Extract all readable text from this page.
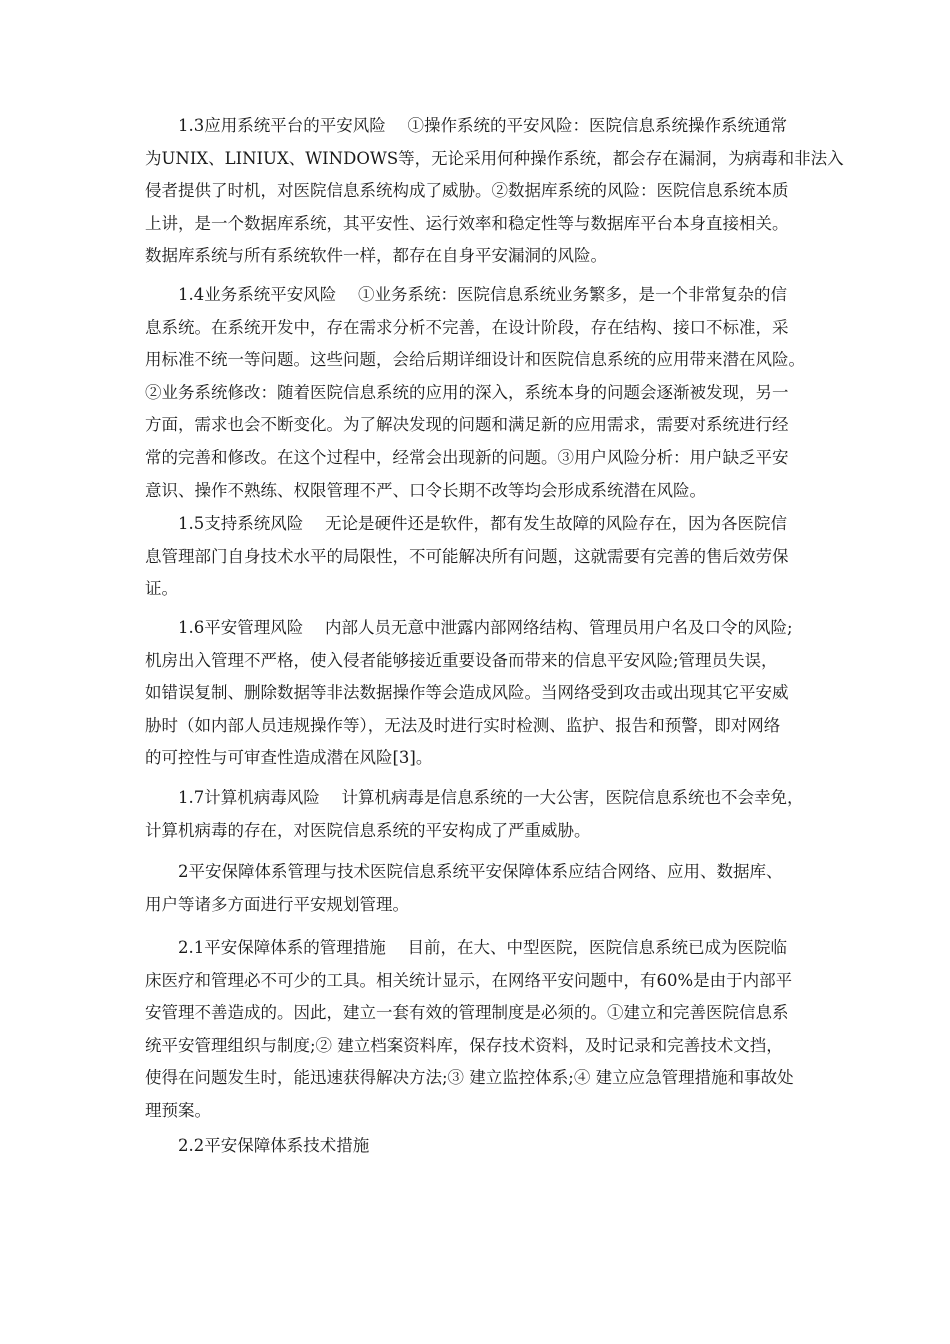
1.3应用系统平台的平安风险　 ①操作系统的平安风险：医院信息系统操作系统通常
为UNIX、LINIUX、WINDOWS等，无论采用何种操作系统，都会存在漏洞，为病毒和非法入
侵者提供了时机，对医院信息系统构成了威胁。②数据库系统的风险：医院信息系统本质
上讲，是一个数据库系统，其平安性、运行效率和稳定性等与数据库平台本身直接相关。
数据库系统与所有系统软件一样，都存在自身平安漏洞的风险。
1.4业务系统平安风险　 ①业务系统：医院信息系统业务繁多，是一个非常复杂的信
息系统。在系统开发中，存在需求分析不完善，在设计阶段，存在结构、接口不标准，采
用标准不统一等问题。这些问题，会给后期详细设计和医院信息系统的应用带来潜在风险。
②业务系统修改：随着医院信息系统的应用的深入，系统本身的问题会逐渐被发现，另一
方面，需求也会不断变化。为了解决发现的问题和满足新的应用需求，需要对系统进行经
常的完善和修改。在这个过程中，经常会出现新的问题。③用户风险分析：用户缺乏平安
意识、操作不熟练、权限管理不严、口令长期不改等均会形成系统潜在风险。
1.5支持系统风险　 无论是硬件还是软件，都有发生故障的风险存在，因为各医院信
息管理部门自身技术水平的局限性，不可能解决所有问题，这就需要有完善的售后效劳保
证。
1.6平安管理风险　 内部人员无意中泄露内部网络结构、管理员用户名及口令的风险;
机房出入管理不严格，使入侵者能够接近重要设备而带来的信息平安风险;管理员失误，
如错误复制、删除数据等非法数据操作等会造成风险。当网络受到攻击或出现其它平安威
胁时（如内部人员违规操作等），无法及时进行实时检测、监护、报告和预警，即对网络
的可控性与可审查性造成潜在风险[3]。
1.7计算机病毒风险　 计算机病毒是信息系统的一大公害，医院信息系统也不会幸免，
计算机病毒的存在，对医院信息系统的平安构成了严重威胁。
2平安保障体系管理与技术医院信息系统平安保障体系应结合网络、应用、数据库、
用户等诸多方面进行平安规划管理。
2.1平安保障体系的管理措施　 目前，在大、中型医院，医院信息系统已成为医院临
床医疗和管理必不可少的工具。相关统计显示，在网络平安问题中，有60%是由于内部平
安管理不善造成的。因此，建立一套有效的管理制度是必须的。①建立和完善医院信息系
统平安管理组织与制度;② 建立档案资料库，保存技术资料，及时记录和完善技术文挡，
使得在问题发生时，能迅速获得解决方法;③ 建立监控体系;④ 建立应急管理措施和事故处
理预案。
2.2平安保障体系技术措施
